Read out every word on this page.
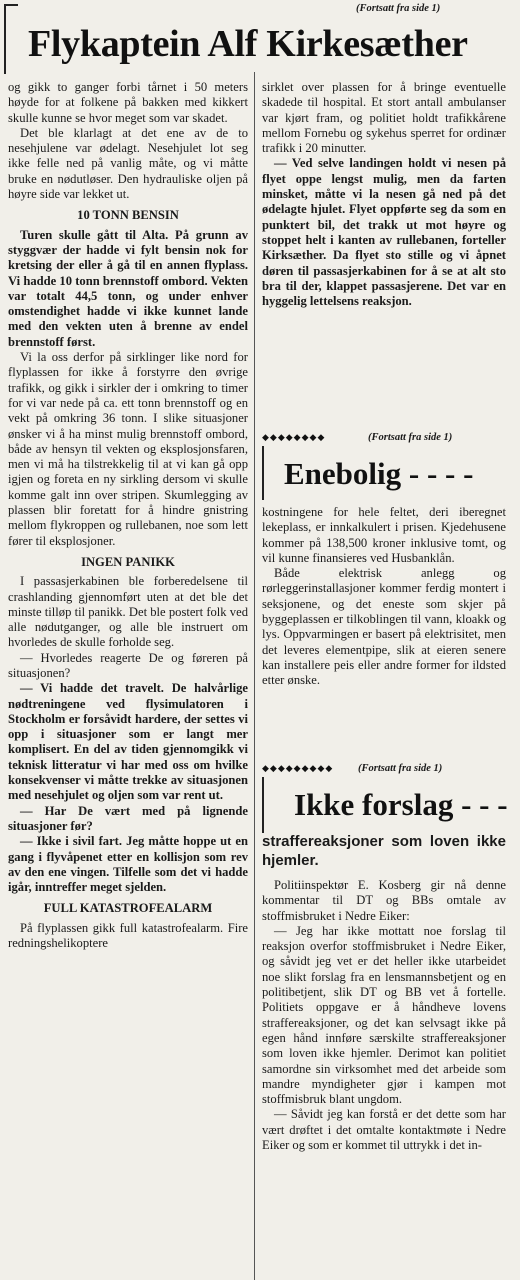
(Fortsatt fra side 1)
Flykaptein Alf Kirkesæther

og gikk to ganger forbi tårnet i 50 meters høyde for at folkene på bakken med kikkert skulle kunne se hvor meget som var skadet.

Det ble klarlagt at det ene av de to nesehjulene var ødelagt. Nesehjulet lot seg ikke felle ned på vanlig måte, og vi måtte bruke en nødutløser. Den hydrauliske oljen på høyre side var lekket ut.

10 TONN BENSIN

Turen skulle gått til Alta. På grunn av styggvær der hadde vi fylt bensin nok for kretsing der eller å gå til en annen flyplass. Vi hadde 10 tonn brennstoff ombord. Vekten var totalt 44,5 tonn, og under enhver omstendighet hadde vi ikke kunnet lande med den vekten uten å brenne av endel brennstoff først.

Vi la oss derfor på sirklinger like nord for flyplassen for ikke å forstyrre den øvrige trafikk, og gikk i sirkler der i omkring to timer for vi var nede på ca. ett tonn brennstoff og en vekt på omkring 36 tonn. I slike situasjoner ønsker vi å ha minst mulig brennstoff ombord, både av hensyn til vekten og eksplosjonsfaren, men vi må ha tilstrekkelig til at vi kan gå opp igjen og foreta en ny sirkling dersom vi skulle komme galt inn over stripen. Skumlegging av plassen blir foretatt for å hindre gnistring mellom flykroppen og rullebanen, noe som lett fører til eksplosjoner.

INGEN PANIKK

I passasjerkabinen ble forberedelsene til crashlanding gjennomført uten at det ble det minste tilløp til panikk. Det ble postert folk ved alle nødutganger, og alle ble instruert om hvorledes de skulle forholde seg.

— Hvorledes reagerte De og føreren på situasjonen?

— Vi hadde det travelt. De halvårlige nødtreningene ved flysimulatoren i Stockholm er forsåvidt hardere, der settes vi opp i situasjoner som er langt mer komplisert. En del av tiden gjennomgikk vi teknisk litteratur vi har med oss om hvilke konsekvenser vi måtte trekke av situasjonen med nesehjulet og oljen som var rent ut.

— Har De vært med på lignende situasjoner før?

— Ikke i sivil fart. Jeg måtte hoppe ut en gang i flyvåpenet etter en kollisjon som rev av den ene vingen. Tilfelle som det vi hadde igår, inntreffer meget sjelden.

FULL KATASTROFEALARM

På flyplassen gikk full katastrofealarm. Fire redningshelikoptere

sirklet over plassen for å bringe eventuelle skadede til hospital. Et stort antall ambulanser var kjørt fram, og politiet holdt trafikkårene mellom Fornebu og sykehus sperret for ordinær trafikk i 20 minutter.

— Ved selve landingen holdt vi nesen på flyet oppe lengst mulig, men da farten minsket, måtte vi la nesen gå ned på det ødelagte hjulet. Flyet oppførte seg da som en punktert bil, det trakk ut mot høyre og stoppet helt i kanten av rullebanen, forteller Kirksæther. Da flyet sto stille og vi åpnet døren til passasjerkabinen for å se at alt sto bra til der, klappet passasjerene. Det var en hyggelig lettelsens reaksjon.

◆◆◆◆◆◆◆◆	(Fortsatt fra side 1)
Enebolig - - - -

kostningene for hele feltet, deri iberegnet lekeplass, er innkalkulert i prisen. Kjedehusene kommer på 138,500 kroner inklusive tomt, og vil kunne finansieres ved Husbanklån.

Både elektrisk anlegg og rørleggerinstallasjoner kommer ferdig montert i seksjonene, og det eneste som skjer på byggeplassen er tilkoblingen til vann, kloakk og lys. Oppvarmingen er basert på elektrisitet, men det leveres elementpipe, slik at eieren senere kan installere peis eller andre former for ildsted etter ønske.

◆◆◆◆◆◆◆◆◆ (Fortsatt fra side 1)
Ikke forslag - - -
straffereaksjoner som loven ikke hjemler.

Politiinspektør E. Kosberg gir nå denne kommentar til DT og BBs omtale av stoffmisbruket i Nedre Eiker:

— Jeg har ikke mottatt noe forslag til reaksjon overfor stoffmisbruket i Nedre Eiker, og såvidt jeg vet er det heller ikke utarbeidet noe slikt forslag fra en lensmannsbetjent og en politibetjent, slik DT og BB vet å fortelle. Politiets oppgave er å håndheve lovens straffereaksjoner, og det kan selvsagt ikke på egen hånd innføre særskilte straffereaksjoner som loven ikke hjemler. Derimot kan politiet samordne sin virksomhet med det arbeide som mandre myndigheter gjør i kampen mot stoffmisbruk blant ungdom.

— Såvidt jeg kan forstå er det dette som har vært drøftet i det omtalte kontaktmøte i Nedre Eiker og som er kommet til uttrykk i det in-
